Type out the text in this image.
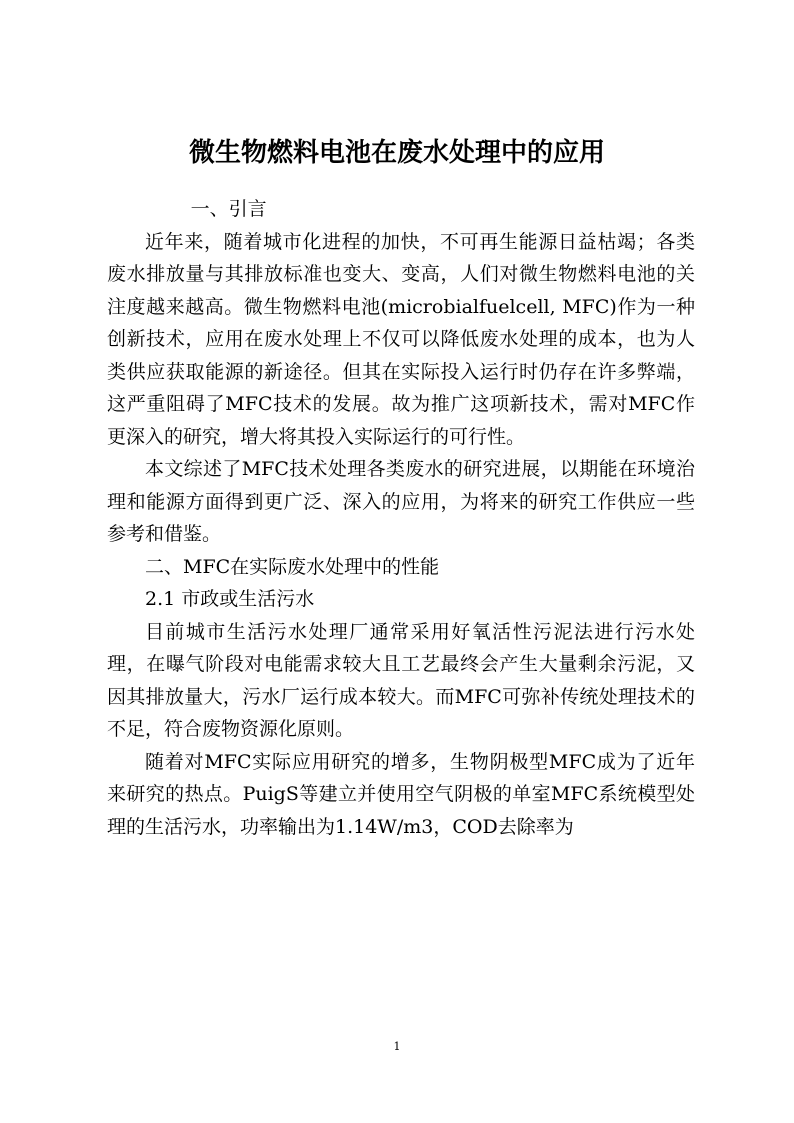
微生物燃料电池在废水处理中的应用

一、引言

近年来，随着城市化进程的加快，不可再生能源日益枯竭；各类废水排放量与其排放标准也变大、变高，人们对微生物燃料电池的关注度越来越高。微生物燃料电池(microbialfuelcell, MFC)作为一种创新技术，应用在废水处理上不仅可以降低废水处理的成本，也为人类供应获取能源的新途径。但其在实际投入运行时仍存在许多弊端，这严重阻碍了MFC技术的发展。故为推广这项新技术，需对MFC作更深入的研究，增大将其投入实际运行的可行性。

本文综述了MFC技术处理各类废水的研究进展，以期能在环境治理和能源方面得到更广泛、深入的应用，为将来的研究工作供应一些参考和借鉴。

二、MFC在实际废水处理中的性能

2.1 市政或生活污水

目前城市生活污水处理厂通常采用好氧活性污泥法进行污水处理，在曝气阶段对电能需求较大且工艺最终会产生大量剩余污泥，又因其排放量大，污水厂运行成本较大。而MFC可弥补传统处理技术的不足，符合废物资源化原则。

随着对MFC实际应用研究的增多，生物阴极型MFC成为了近年来研究的热点。PuigS等建立并使用空气阴极的单室MFC系统模型处理的生活污水，功率输出为1.14W/m3，COD去除率为

1
